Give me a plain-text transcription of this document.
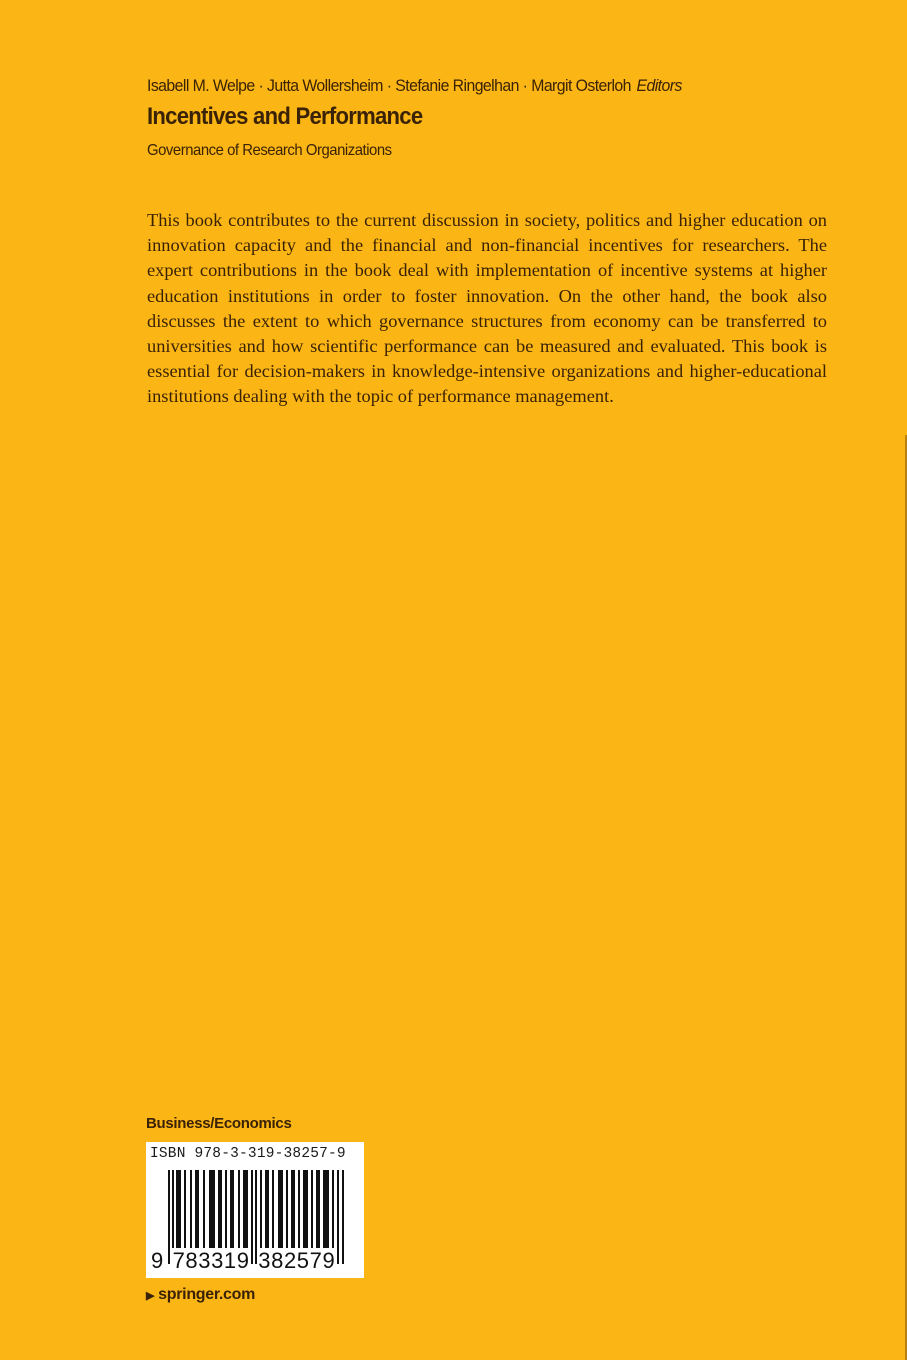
Isabell M. Welpe · Jutta Wollersheim · Stefanie Ringelhan · Margit Osterloh Editors
Incentives and Performance
Governance of Research Organizations
This book contributes to the current discussion in society, politics and higher education on innovation capacity and the financial and non-financial incentives for researchers. The expert contributions in the book deal with implementation of incentive systems at higher education institutions in order to foster innovation. On the other hand, the book also discusses the extent to which governance structures from economy can be transferred to universities and how scientific performance can be measured and evaluated. This book is essential for decision-makers in knowledge-intensive organizations and higher-educational institutions dealing with the topic of performance management.
Business/Economics
ISBN 978-3-319-38257-9
9 783319 382579
▶ springer.com
